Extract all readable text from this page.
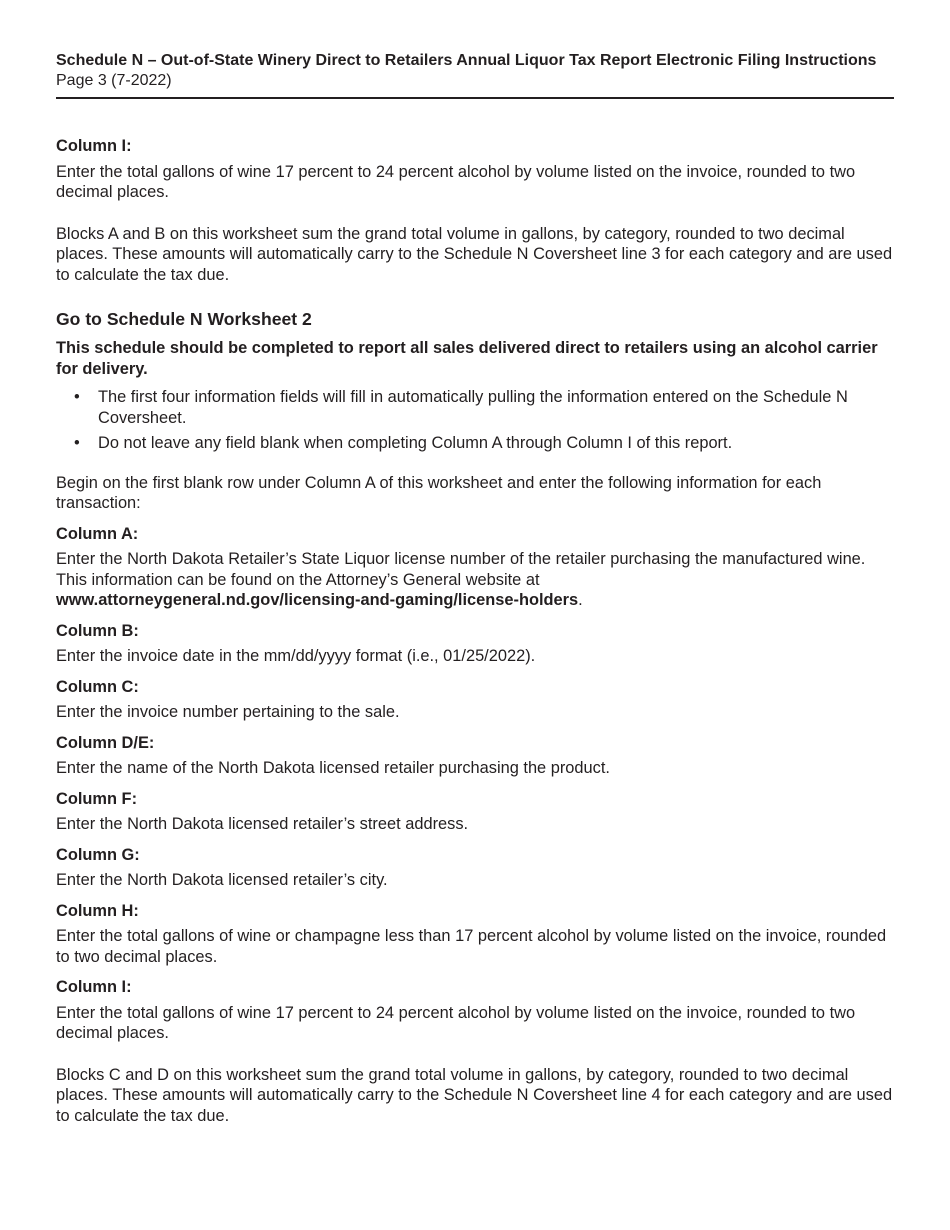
Schedule N – Out-of-State Winery Direct to Retailers Annual Liquor Tax Report Electronic Filing Instructions
Page 3 (7-2022)

Column I:

Enter the total gallons of wine 17 percent to 24 percent alcohol by volume listed on the invoice, rounded to two decimal places.

Blocks A and B on this worksheet sum the grand total volume in gallons, by category, rounded to two decimal places. These amounts will automatically carry to the Schedule N Coversheet line 3 for each category and are used to calculate the tax due.

Go to Schedule N Worksheet 2

This schedule should be completed to report all sales delivered direct to retailers using an alcohol carrier for delivery.

• The first four information fields will fill in automatically pulling the information entered on the Schedule N Coversheet.
• Do not leave any field blank when completing Column A through Column I of this report.

Begin on the first blank row under Column A of this worksheet and enter the following information for each transaction:

Column A:

Enter the North Dakota Retailer’s State Liquor license number of the retailer purchasing the manufactured wine. This information can be found on the Attorney’s General website at
www.attorneygeneral.nd.gov/licensing-and-gaming/license-holders.

Column B:

Enter the invoice date in the mm/dd/yyyy format (i.e., 01/25/2022).

Column C:

Enter the invoice number pertaining to the sale.

Column D/E:

Enter the name of the North Dakota licensed retailer purchasing the product.

Column F:

Enter the North Dakota licensed retailer’s street address.

Column G:

Enter the North Dakota licensed retailer’s city.

Column H:

Enter the total gallons of wine or champagne less than 17 percent alcohol by volume listed on the invoice, rounded to two decimal places.

Column I:

Enter the total gallons of wine 17 percent to 24 percent alcohol by volume listed on the invoice, rounded to two decimal places.

Blocks C and D on this worksheet sum the grand total volume in gallons, by category, rounded to two decimal places. These amounts will automatically carry to the Schedule N Coversheet line 4 for each category and are used to calculate the tax due.
